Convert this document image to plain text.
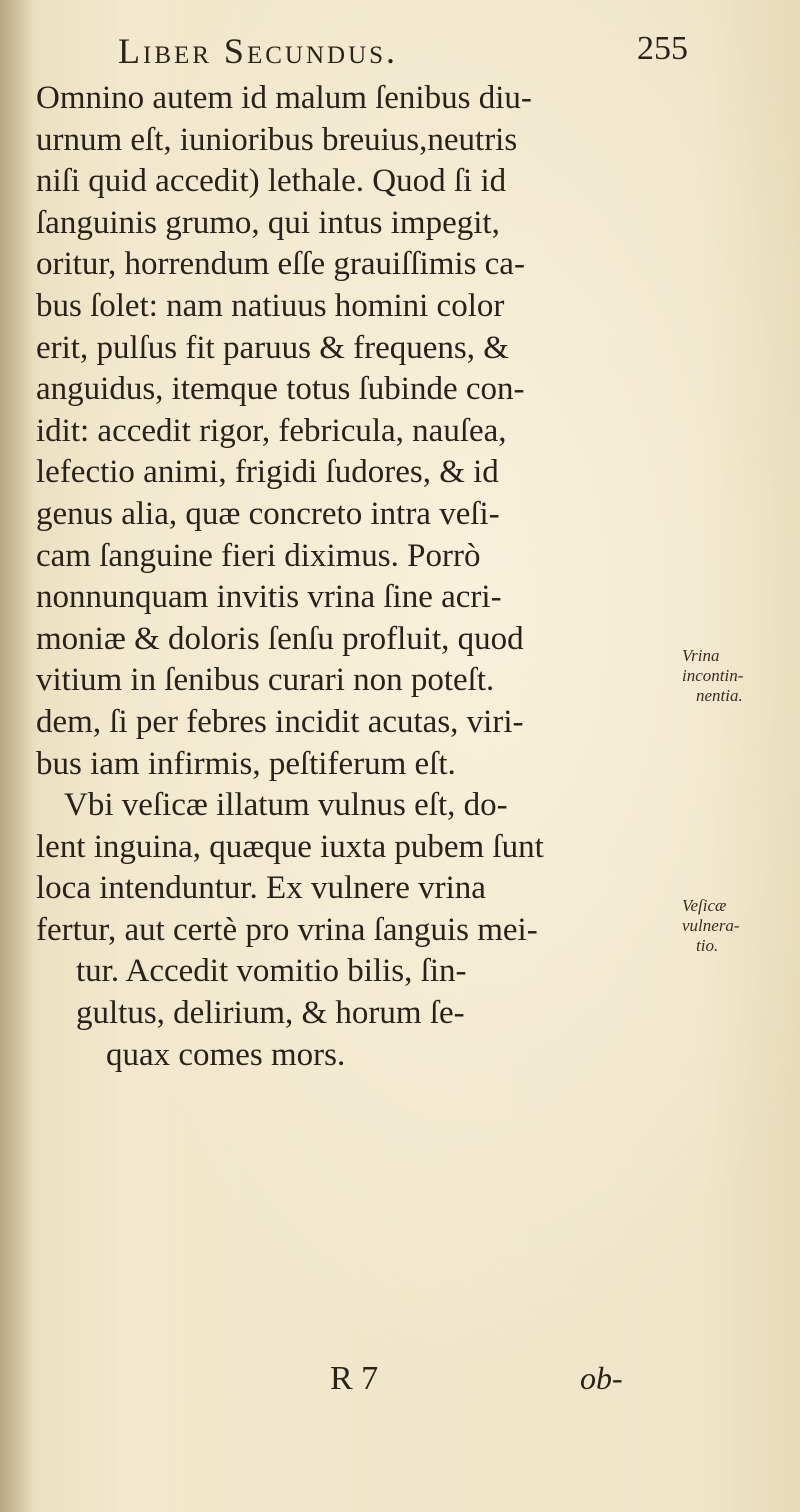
Liber Secundus.	255
Omnino autem id malum ſenibus diu-
urnum eſt, iunioribus breuius,neutris
niſi quid accedit) lethale. Quod ſi id
ſanguinis grumo, qui intus impegit,
oritur, horrendum eſſe grauiſſimis ca-
bus ſolet: nam natiuus homini color
erit, pulſus fit paruus & frequens, &
anguidus, itemque totus ſubinde con-
idit: accedit rigor, febricula, nauſea,
lefectio animi, frigidi ſudores, & id
genus alia, quæ concreto intra veſi-
cam ſanguine fieri diximus. Porrò
nonnunquam invitis vrina ſine acri-
moniæ & doloris ſenſu profluit, quod
vitium in ſenibus curari non poteſt.
dem, ſi per febres incidit acutas, viri-
bus iam infirmis, peſtiferum eſt.
Vbi veſicæ illatum vulnus eſt, do-
lent inguina, quæque iuxta pubem ſunt
loca intenduntur. Ex vulnere vrina
fertur, aut certè pro vrina ſanguis mei-
tur. Accedit vomitio bilis, ſin-
gultus, delirium, & horum ſe-
quax comes mors.
Vrina
incontin-
nentia.
Veſicæ
vulnera-
tio.
R 7	ob-
